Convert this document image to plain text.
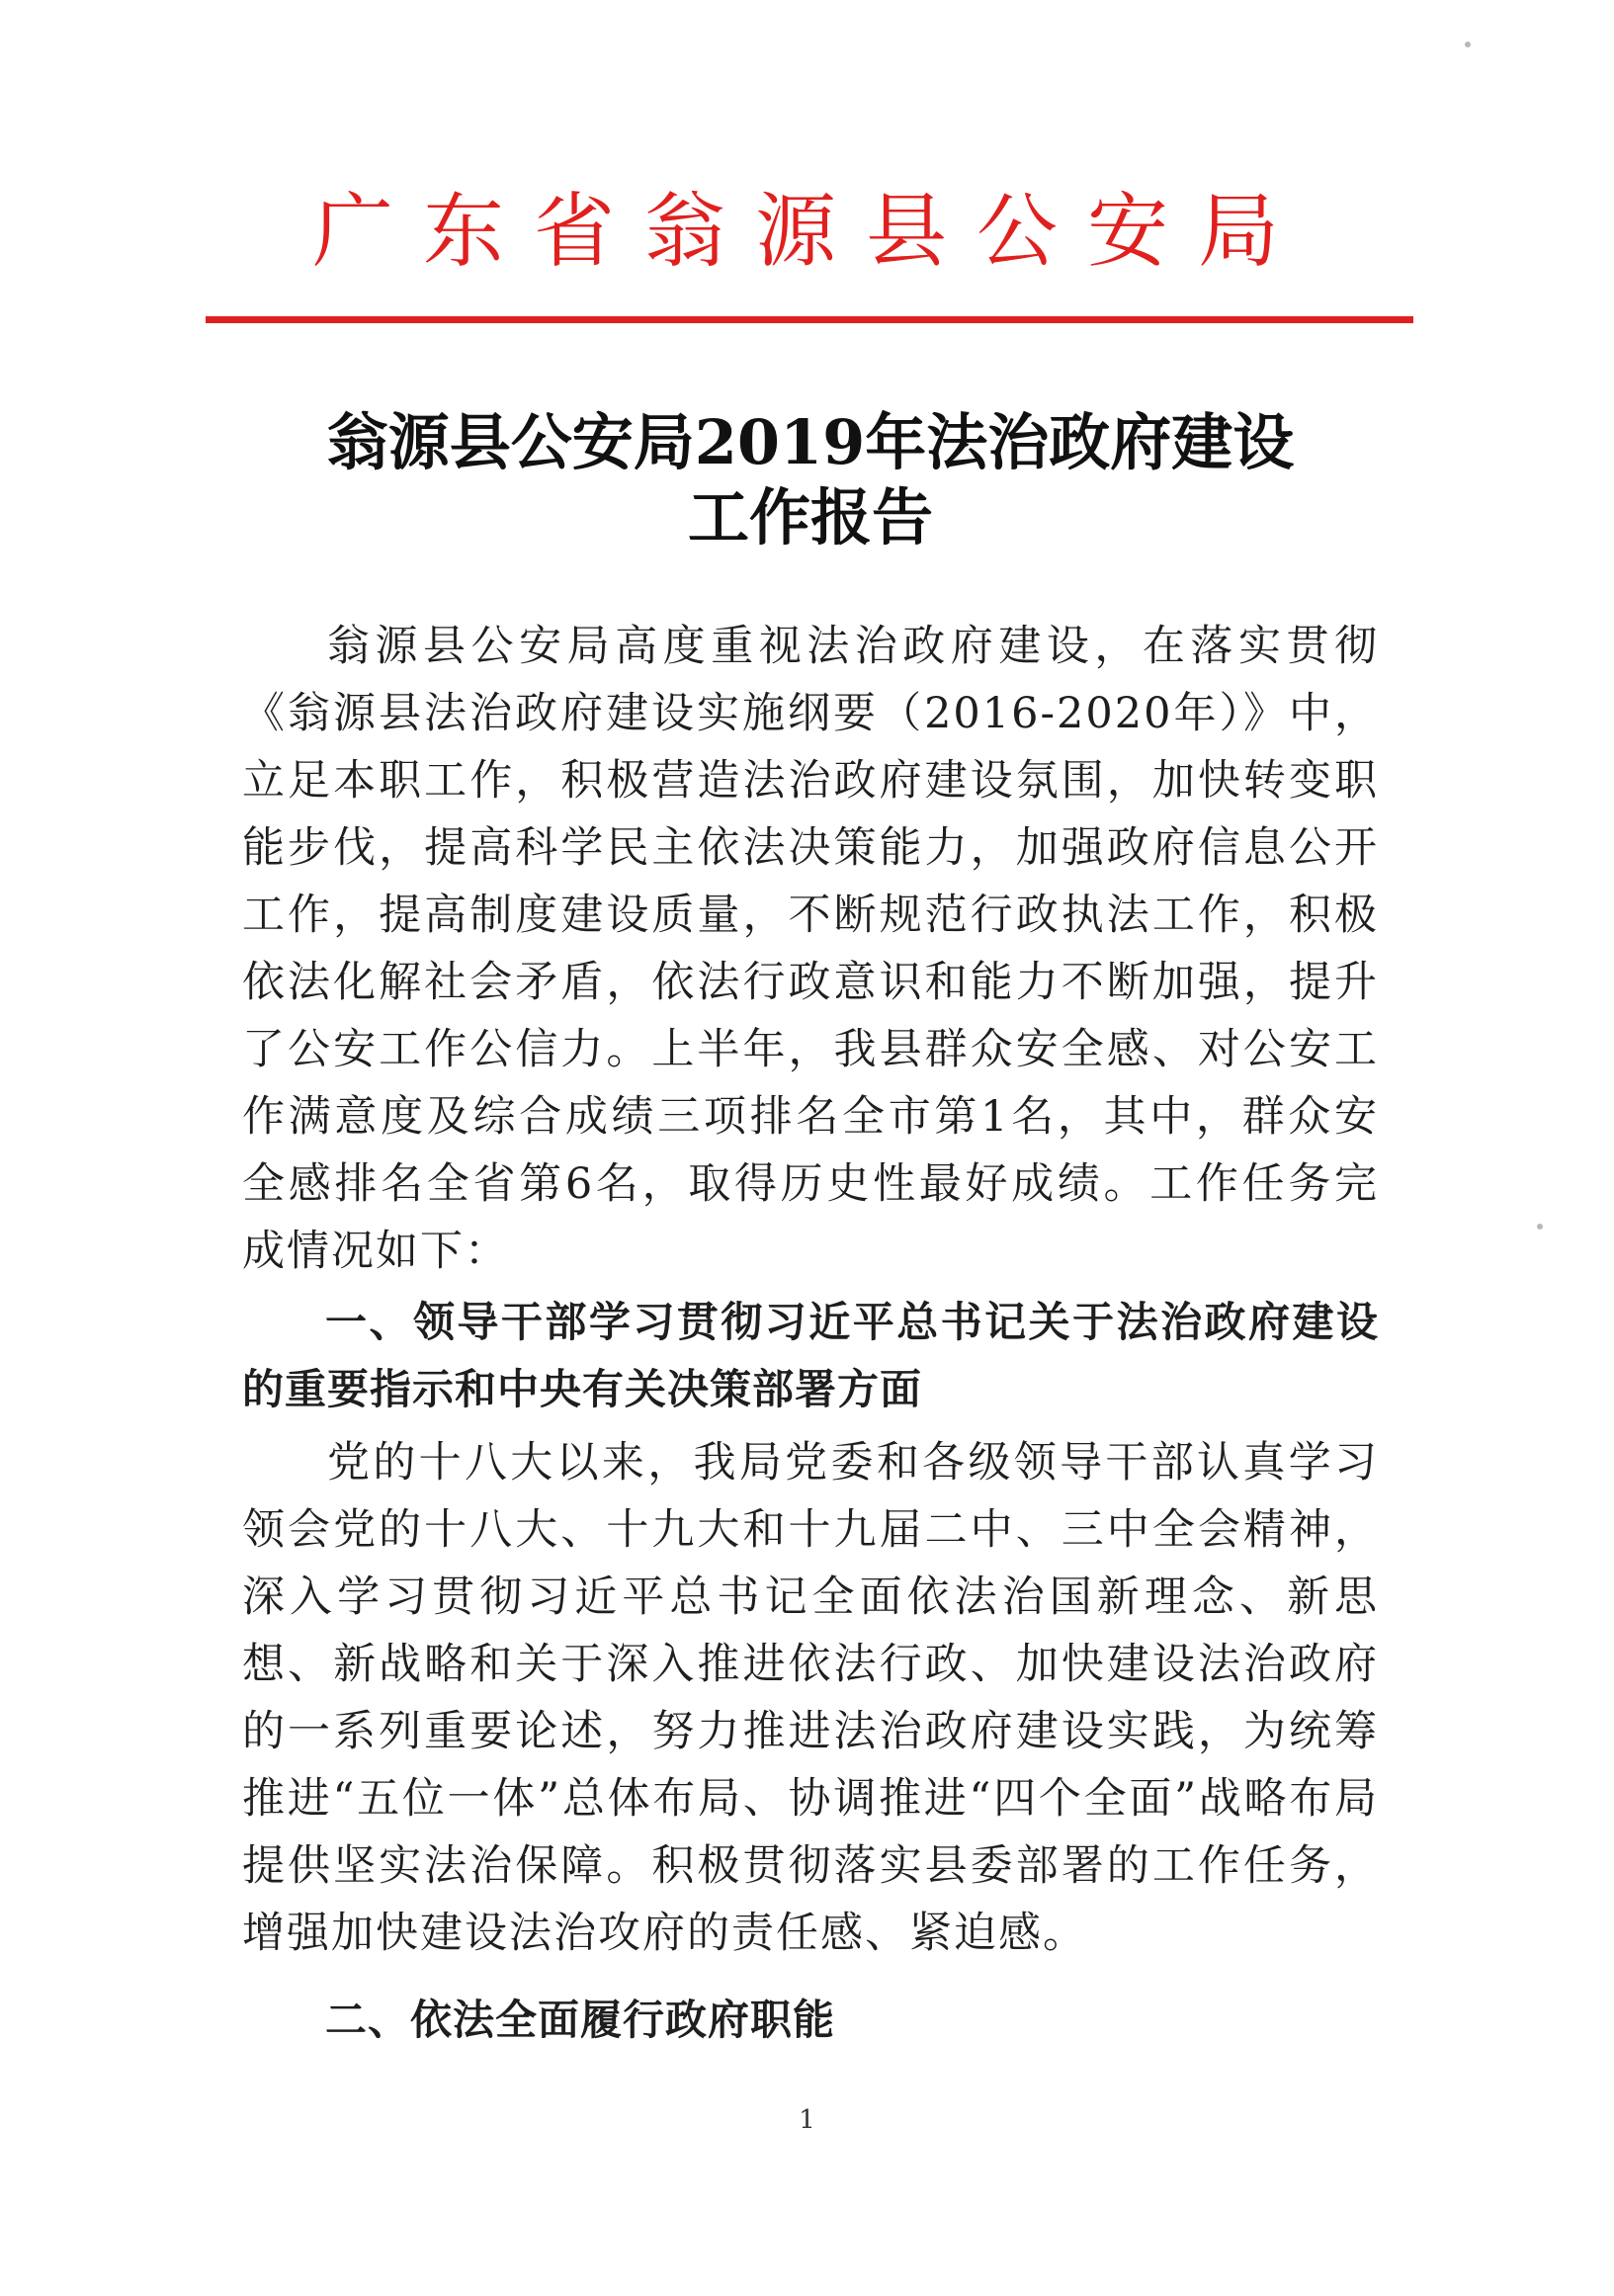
广东省翁源县公安局
翁源县公安局2019年法治政府建设
工作报告

翁源县公安局高度重视法治政府建设，在落实贯彻《翁源县法治政府建设实施纲要（2016-2020年）》中，立足本职工作，积极营造法治政府建设氛围，加快转变职能步伐，提高科学民主依法决策能力，加强政府信息公开工作，提高制度建设质量，不断规范行政执法工作，积极依法化解社会矛盾，依法行政意识和能力不断加强，提升了公安工作公信力。上半年，我县群众安全感、对公安工作满意度及综合成绩三项排名全市第1名，其中，群众安全感排名全省第6名，取得历史性最好成绩。工作任务完成情况如下：

一、领导干部学习贯彻习近平总书记关于法治政府建设的重要指示和中央有关决策部署方面

党的十八大以来，我局党委和各级领导干部认真学习领会党的十八大、十九大和十九届二中、三中全会精神，深入学习贯彻习近平总书记全面依法治国新理念、新思想、新战略和关于深入推进依法行政、加快建设法治政府的一系列重要论述，努力推进法治政府建设实践，为统筹推进“五位一体”总体布局、协调推进“四个全面”战略布局提供坚实法治保障。积极贯彻落实县委部署的工作任务，增强加快建设法治攻府的责任感、紧迫感。

二、依法全面履行政府职能

1
